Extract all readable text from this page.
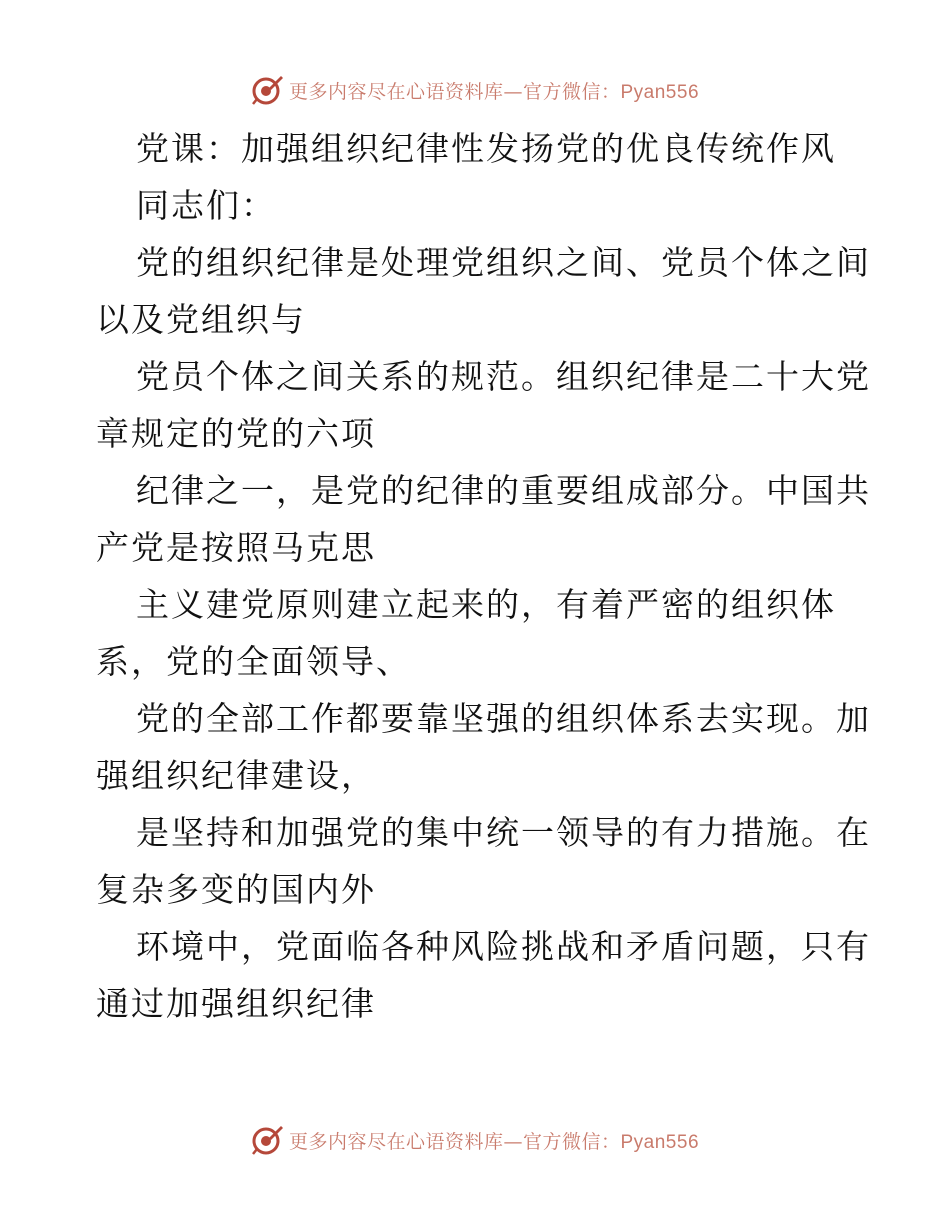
更多内容尽在心语资料库—官方微信：Pyan556
党课：加强组织纪律性发扬党的优良传统作风
同志们：
党的组织纪律是处理党组织之间、党员个体之间
以及党组织与
党员个体之间关系的规范。组织纪律是二十大党
章规定的党的六项
纪律之一，是党的纪律的重要组成部分。中国共
产党是按照马克思
主义建党原则建立起来的，有着严密的组织体
系，党的全面领导、
党的全部工作都要靠坚强的组织体系去实现。加
强组织纪律建设，
是坚持和加强党的集中统一领导的有力措施。在
复杂多变的国内外
环境中，党面临各种风险挑战和矛盾问题，只有
通过加强组织纪律
更多内容尽在心语资料库—官方微信：Pyan556
